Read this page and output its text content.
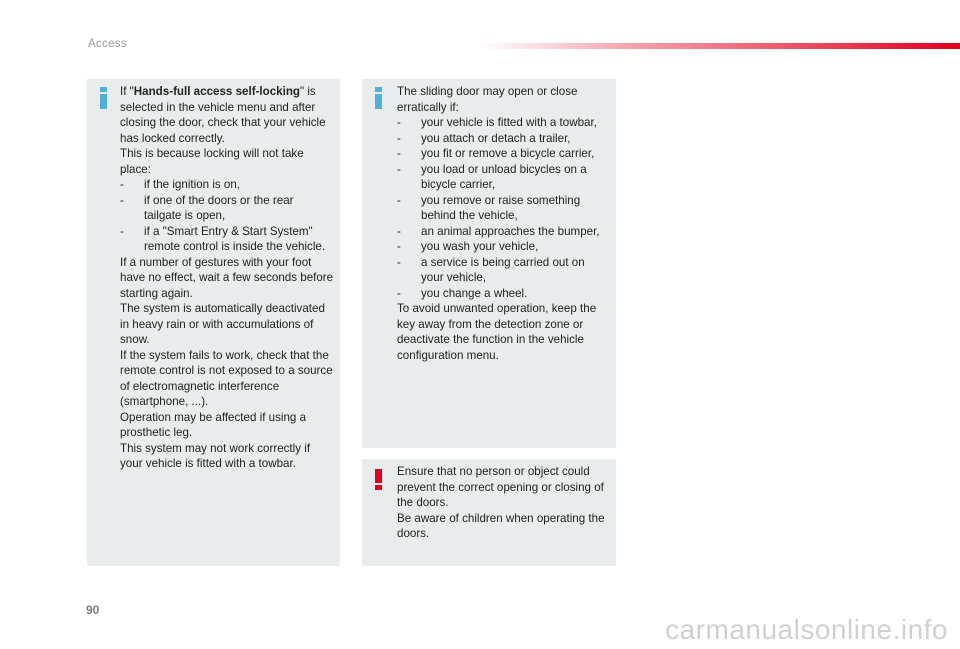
Access

If "Hands-full access self-locking" is selected in the vehicle menu and after closing the door, check that your vehicle has locked correctly.

This is because locking will not take place:

- if the ignition is on,
- if one of the doors or the rear tailgate is open,
- if a "Smart Entry & Start System" remote control is inside the vehicle.

If a number of gestures with your foot have no effect, wait a few seconds before starting again.

The system is automatically deactivated in heavy rain or with accumulations of snow.

If the system fails to work, check that the remote control is not exposed to a source of electromagnetic interference (smartphone, ...).

Operation may be affected if using a prosthetic leg.

This system may not work correctly if your vehicle is fitted with a towbar.

The sliding door may open or close erratically if:

- your vehicle is fitted with a towbar,
- you attach or detach a trailer,
- you fit or remove a bicycle carrier,
- you load or unload bicycles on a bicycle carrier,
- you remove or raise something behind the vehicle,
- an animal approaches the bumper,
- you wash your vehicle,
- a service is being carried out on your vehicle,
- you change a wheel.

To avoid unwanted operation, keep the key away from the detection zone or deactivate the function in the vehicle configuration menu.

Ensure that no person or object could prevent the correct opening or closing of the doors.

Be aware of children when operating the doors.

90
carmanualsonline.info
